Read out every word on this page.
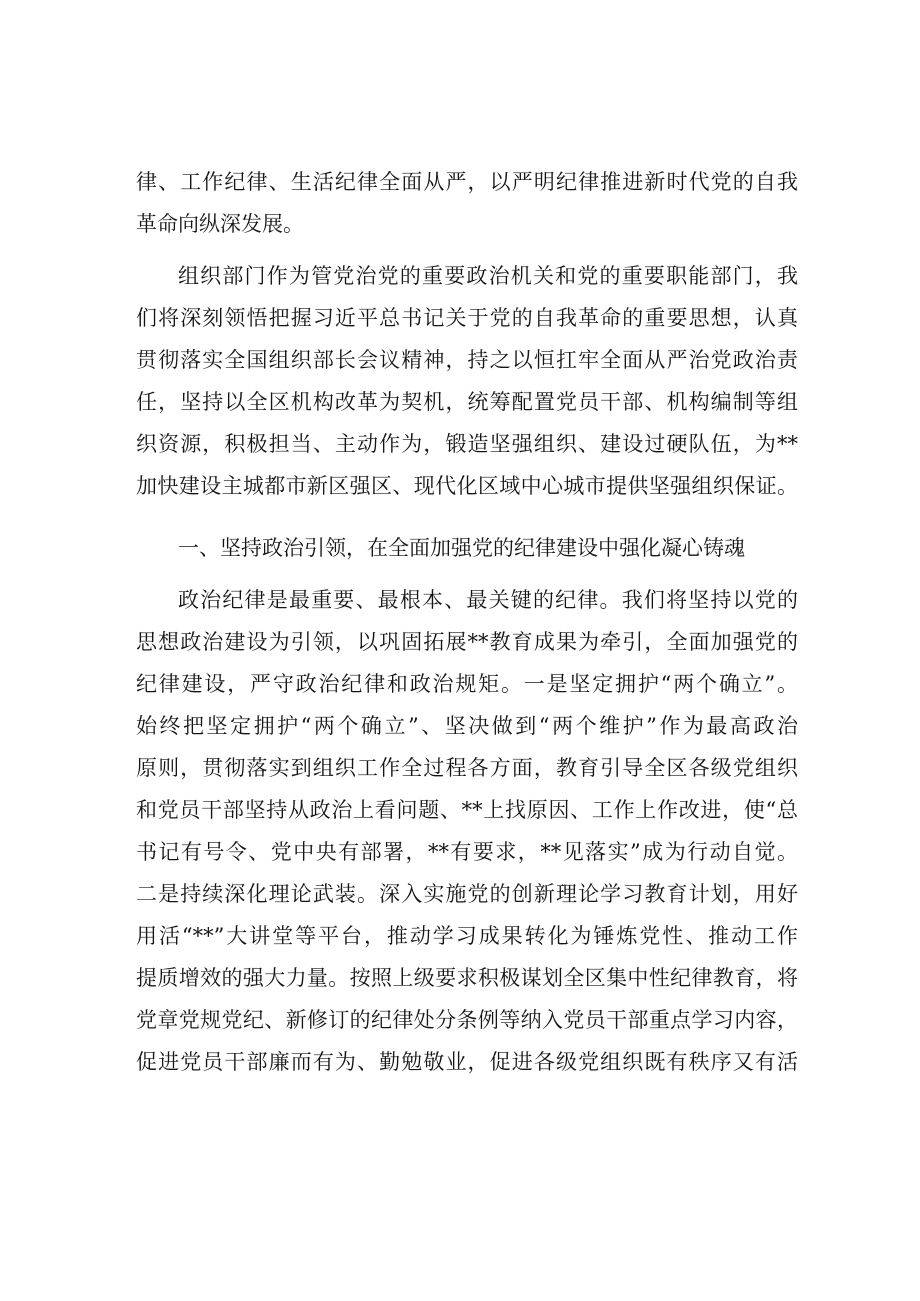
律、工作纪律、生活纪律全面从严，以严明纪律推进新时代党的自我
革命向纵深发展。
组织部门作为管党治党的重要政治机关和党的重要职能部门，我
们将深刻领悟把握习近平总书记关于党的自我革命的重要思想，认真
贯彻落实全国组织部长会议精神，持之以恒扛牢全面从严治党政治责
任，坚持以全区机构改革为契机，统筹配置党员干部、机构编制等组
织资源，积极担当、主动作为，锻造坚强组织、建设过硬队伍，为**
加快建设主城都市新区强区、现代化区域中心城市提供坚强组织保证。
一、坚持政治引领，在全面加强党的纪律建设中强化凝心铸魂
政治纪律是最重要、最根本、最关键的纪律。我们将坚持以党的
思想政治建设为引领，以巩固拓展**教育成果为牵引，全面加强党的
纪律建设，严守政治纪律和政治规矩。一是坚定拥护“两个确立”。
始终把坚定拥护“两个确立”、坚决做到“两个维护”作为最高政治
原则，贯彻落实到组织工作全过程各方面，教育引导全区各级党组织
和党员干部坚持从政治上看问题、**上找原因、工作上作改进，使“总
书记有号令、党中央有部署，**有要求，**见落实”成为行动自觉。
二是持续深化理论武装。深入实施党的创新理论学习教育计划，用好
用活“**”大讲堂等平台，推动学习成果转化为锤炼党性、推动工作
提质增效的强大力量。按照上级要求积极谋划全区集中性纪律教育，将
党章党规党纪、新修订的纪律处分条例等纳入党员干部重点学习内容，
促进党员干部廉而有为、勤勉敬业，促进各级党组织既有秩序又有活
